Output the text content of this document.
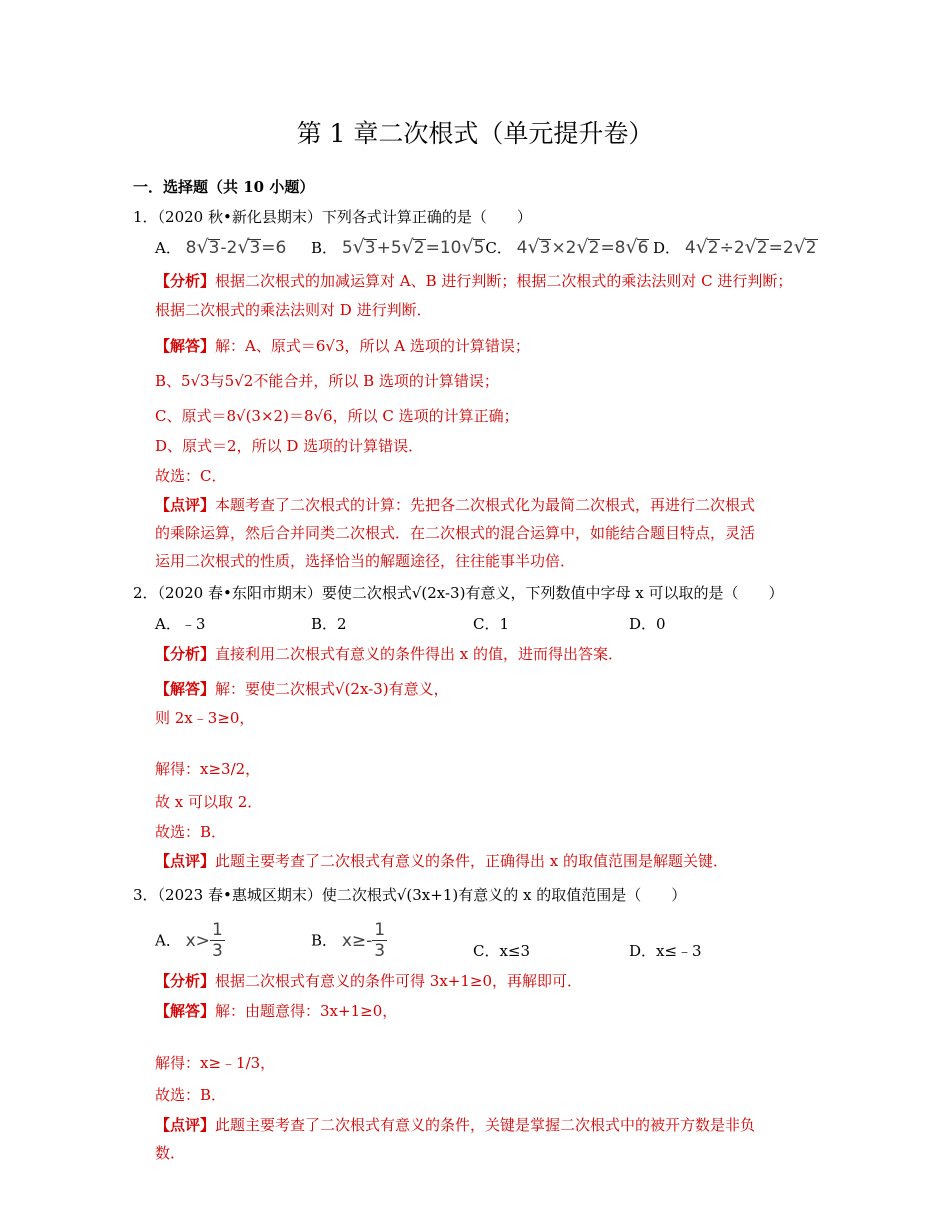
第 1 章二次根式（单元提升卷）
一．选择题（共 10 小题）
1．（2020 秋•新化县期末）下列各式计算正确的是（　　）
A． 8√3-2√3=6 B． 5√3+5√2=10√5C． 4√3×2√2=8√6 D． 4√2÷2√2=2√2
【分析】根据二次根式的加减运算对 A、B 进行判断；根据二次根式的乘法法则对 C 进行判断；
根据二次根式的乘法法则对 D 进行判断．
【解答】解：A、原式＝6√3，所以 A 选项的计算错误；
B、5√3与5√2不能合并，所以 B 选项的计算错误；
C、原式＝8√(3×2)＝8√6，所以 C 选项的计算正确；
D、原式＝2，所以 D 选项的计算错误．
故选：C．
【点评】本题考查了二次根式的计算：先把各二次根式化为最简二次根式，再进行二次根式
的乘除运算，然后合并同类二次根式．在二次根式的混合运算中，如能结合题目特点，灵活
运用二次根式的性质，选择恰当的解题途径，往往能事半功倍．
2．（2020 春•东阳市期末）要使二次根式√(2x-3)有意义，下列数值中字母 x 可以取的是（　　）
A．﹣3	B．2	C．1	D．0
【分析】直接利用二次根式有意义的条件得出 x 的值，进而得出答案．
【解答】解：要使二次根式√(2x-3)有意义，
则 2x﹣3≥0，
解得：x≥3/2，
故 x 可以取 2．
故选：B．
【点评】此题主要考查了二次根式有意义的条件，正确得出 x 的取值范围是解题关键．
3．（2023 春•惠城区期末）使二次根式√(3x+1)有意义的 x 的取值范围是（　　）
A． $x> \frac{1}{3}$	B． $x\ge- \frac{1}{3}$	C．x≤3	D．x≤﹣3
【分析】根据二次根式有意义的条件可得 3x+1≥0，再解即可．
【解答】解：由题意得：3x+1≥0，
解得：x≥﹣1/3，
故选：B．
【点评】此题主要考查了二次根式有意义的条件，关键是掌握二次根式中的被开方数是非负
数．
